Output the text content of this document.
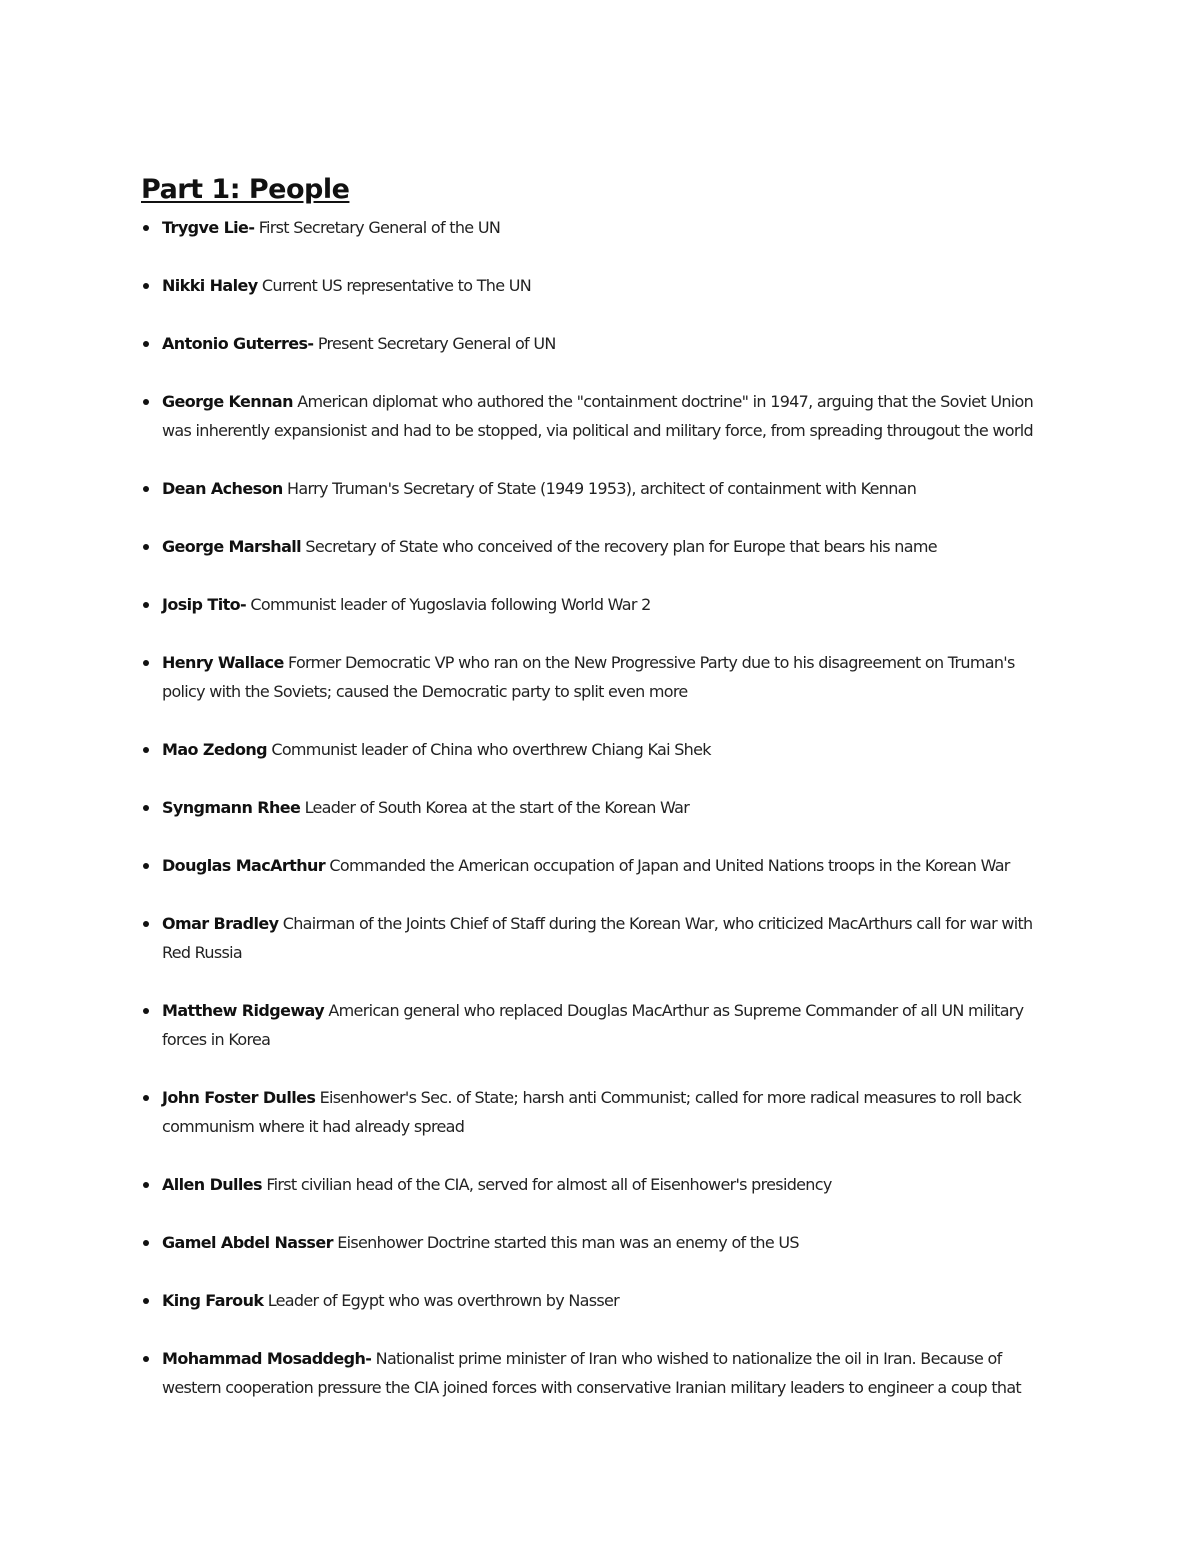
Part 1: People
Trygve Lie- First Secretary General of the UN
Nikki Haley Current US representative to The UN
Antonio Guterres- Present Secretary General of UN
George Kennan American diplomat who authored the "containment doctrine" in 1947, arguing that the Soviet Union was inherently expansionist and had to be stopped, via political and military force, from spreading througout the world
Dean Acheson Harry Truman's Secretary of State (1949 1953), architect of containment with Kennan
George Marshall Secretary of State who conceived of the recovery plan for Europe that bears his name
Josip Tito- Communist leader of Yugoslavia following World War 2
Henry Wallace Former Democratic VP who ran on the New Progressive Party due to his disagreement on Truman's policy with the Soviets; caused the Democratic party to split even more
Mao Zedong Communist leader of China who overthrew Chiang Kai Shek
Syngmann Rhee Leader of South Korea at the start of the Korean War
Douglas MacArthur Commanded the American occupation of Japan and United Nations troops in the Korean War
Omar Bradley Chairman of the Joints Chief of Staff during the Korean War, who criticized MacArthurs call for war with Red Russia
Matthew Ridgeway American general who replaced Douglas MacArthur as Supreme Commander of all UN military forces in Korea
John Foster Dulles Eisenhower's Sec. of State; harsh anti Communist; called for more radical measures to roll back communism where it had already spread
Allen Dulles First civilian head of the CIA, served for almost all of Eisenhower's presidency
Gamel Abdel Nasser Eisenhower Doctrine started this man was an enemy of the US
King Farouk Leader of Egypt who was overthrown by Nasser
Mohammad Mosaddegh- Nationalist prime minister of Iran who wished to nationalize the oil in Iran. Because of western cooperation pressure the CIA joined forces with conservative Iranian military leaders to engineer a coup that
